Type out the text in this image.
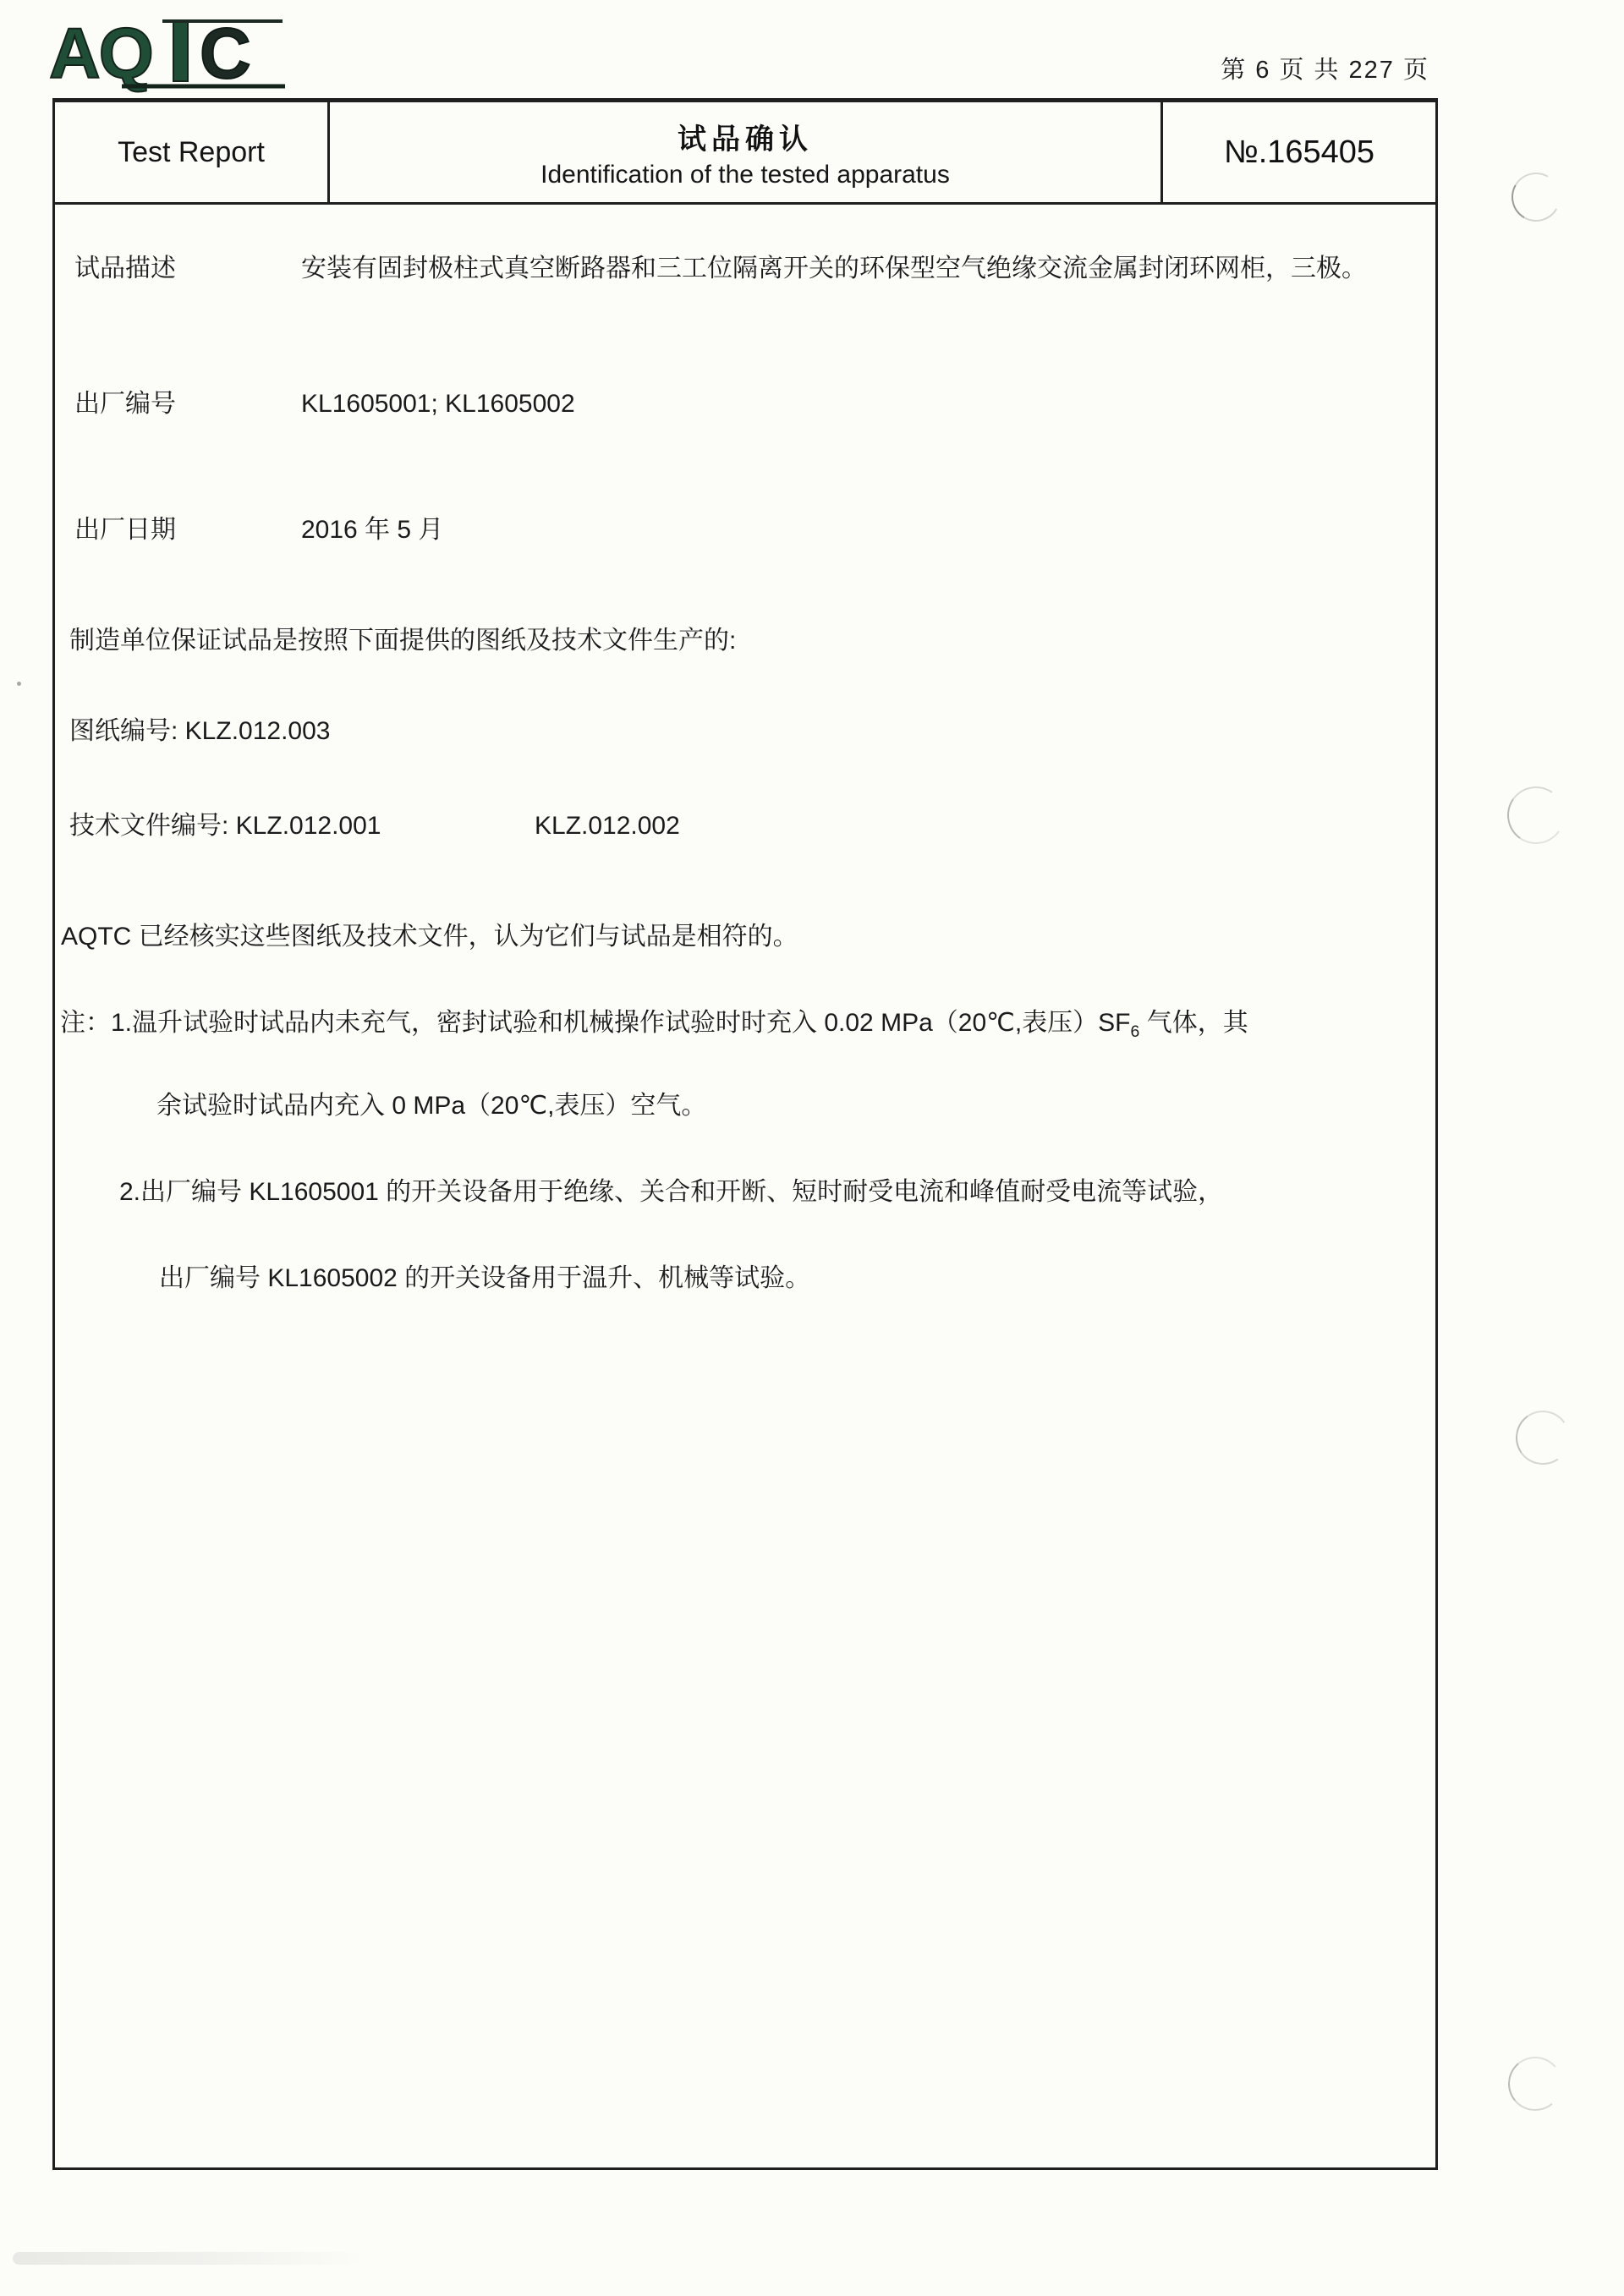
AQ C	第 6 页 共 227 页
Test Report	试品确认
Identification of the tested apparatus
№.165405
试品描述	安装有固封极柱式真空断路器和三工位隔离开关的环保型空气绝缘交流金属封闭环网柜，三极。
出厂编号	KL1605001; KL1605002
出厂日期	2016 年 5 月
制造单位保证试品是按照下面提供的图纸及技术文件生产的:
图纸编号: KLZ.012.003
技术文件编号: KLZ.012.001	KLZ.012.002
AQTC 已经核实这些图纸及技术文件，认为它们与试品是相符的。
注：1.温升试验时试品内未充气，密封试验和机械操作试验时时充入 0.02 MPa（20℃,表压）$SF_6$ 气体，其
余试验时试品内充入 0 MPa（20℃,表压）空气。
2.出厂编号 KL1605001 的开关设备用于绝缘、关合和开断、短时耐受电流和峰值耐受电流等试验，
出厂编号 KL1605002 的开关设备用于温升、机械等试验。
